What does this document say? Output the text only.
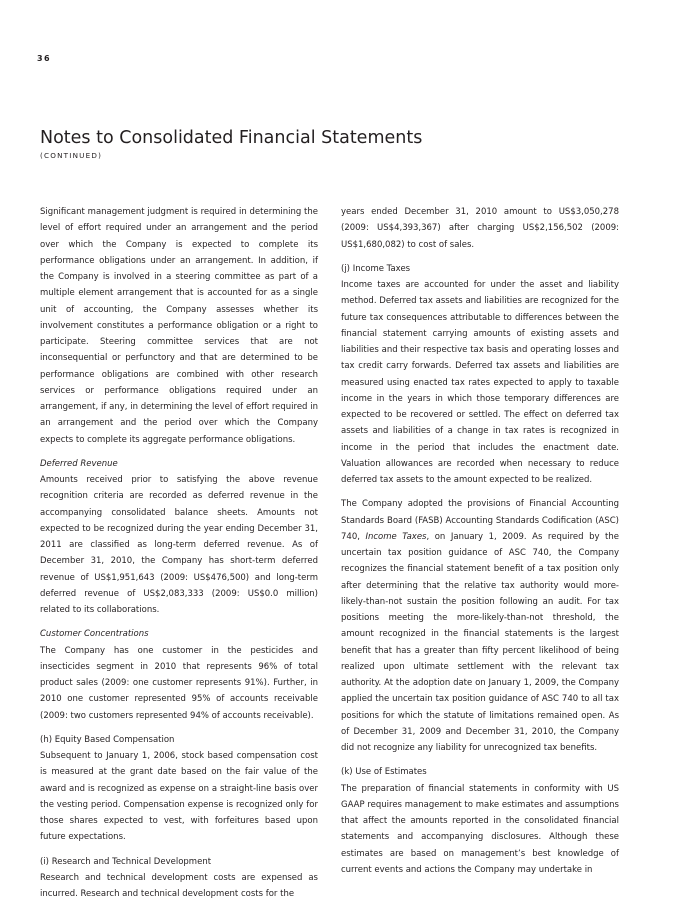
36
Notes to Consolidated Financial Statements
(CONTINUED)

Significant management judgment is required in determining the level of effort required under an arrangement and the period over which the Company is expected to complete its performance obligations under an arrangement. In addition, if the Company is involved in a steering committee as part of a multiple element arrangement that is accounted for as a single unit of accounting, the Company assesses whether its involvement constitutes a performance obligation or a right to participate. Steering committee services that are not inconsequential or perfunctory and that are determined to be performance obligations are combined with other research services or performance obligations required under an arrangement, if any, in determining the level of effort required in an arrangement and the period over which the Company expects to complete its aggregate performance obligations.

Deferred Revenue

Amounts received prior to satisfying the above revenue recognition criteria are recorded as deferred revenue in the accompanying consolidated balance sheets. Amounts not expected to be recognized during the year ending December 31, 2011 are classified as long-term deferred revenue. As of December 31, 2010, the Company has short-term deferred revenue of US$1,951,643 (2009: US$476,500) and long-term deferred revenue of US$2,083,333 (2009: US$0.0 million) related to its collaborations.

Customer Concentrations

The Company has one customer in the pesticides and insecticides segment in 2010 that represents 96% of total product sales (2009: one customer represents 91%). Further, in 2010 one customer represented 95% of accounts receivable (2009: two customers represented 94% of accounts receivable).

(h) Equity Based Compensation

Subsequent to January 1, 2006, stock based compensation cost is measured at the grant date based on the fair value of the award and is recognized as expense on a straight-line basis over the vesting period. Compensation expense is recognized only for those shares expected to vest, with forfeitures based upon future expectations.

(i) Research and Technical Development

Research and technical development costs are expensed as incurred. Research and technical development costs for the

years ended December 31, 2010 amount to US$3,050,278 (2009: US$4,393,367) after charging US$2,156,502 (2009: US$1,680,082) to cost of sales.

(j) Income Taxes

Income taxes are accounted for under the asset and liability method. Deferred tax assets and liabilities are recognized for the future tax consequences attributable to differences between the financial statement carrying amounts of existing assets and liabilities and their respective tax basis and operating losses and tax credit carry forwards. Deferred tax assets and liabilities are measured using enacted tax rates expected to apply to taxable income in the years in which those temporary differences are expected to be recovered or settled. The effect on deferred tax assets and liabilities of a change in tax rates is recognized in income in the period that includes the enactment date. Valuation allowances are recorded when necessary to reduce deferred tax assets to the amount expected to be realized.

The Company adopted the provisions of Financial Accounting Standards Board (FASB) Accounting Standards Codification (ASC) 740, Income Taxes, on January 1, 2009. As required by the uncertain tax position guidance of ASC 740, the Company recognizes the financial statement benefit of a tax position only after determining that the relative tax authority would more-likely-than-not sustain the position following an audit. For tax positions meeting the more-likely-than-not threshold, the amount recognized in the financial statements is the largest benefit that has a greater than fifty percent likelihood of being realized upon ultimate settlement with the relevant tax authority. At the adoption date on January 1, 2009, the Company applied the uncertain tax position guidance of ASC 740 to all tax positions for which the statute of limitations remained open. As of December 31, 2009 and December 31, 2010, the Company did not recognize any liability for unrecognized tax benefits.

(k) Use of Estimates

The preparation of financial statements in conformity with US GAAP requires management to make estimates and assumptions that affect the amounts reported in the consolidated financial statements and accompanying disclosures. Although these estimates are based on management’s best knowledge of current events and actions the Company may undertake in
